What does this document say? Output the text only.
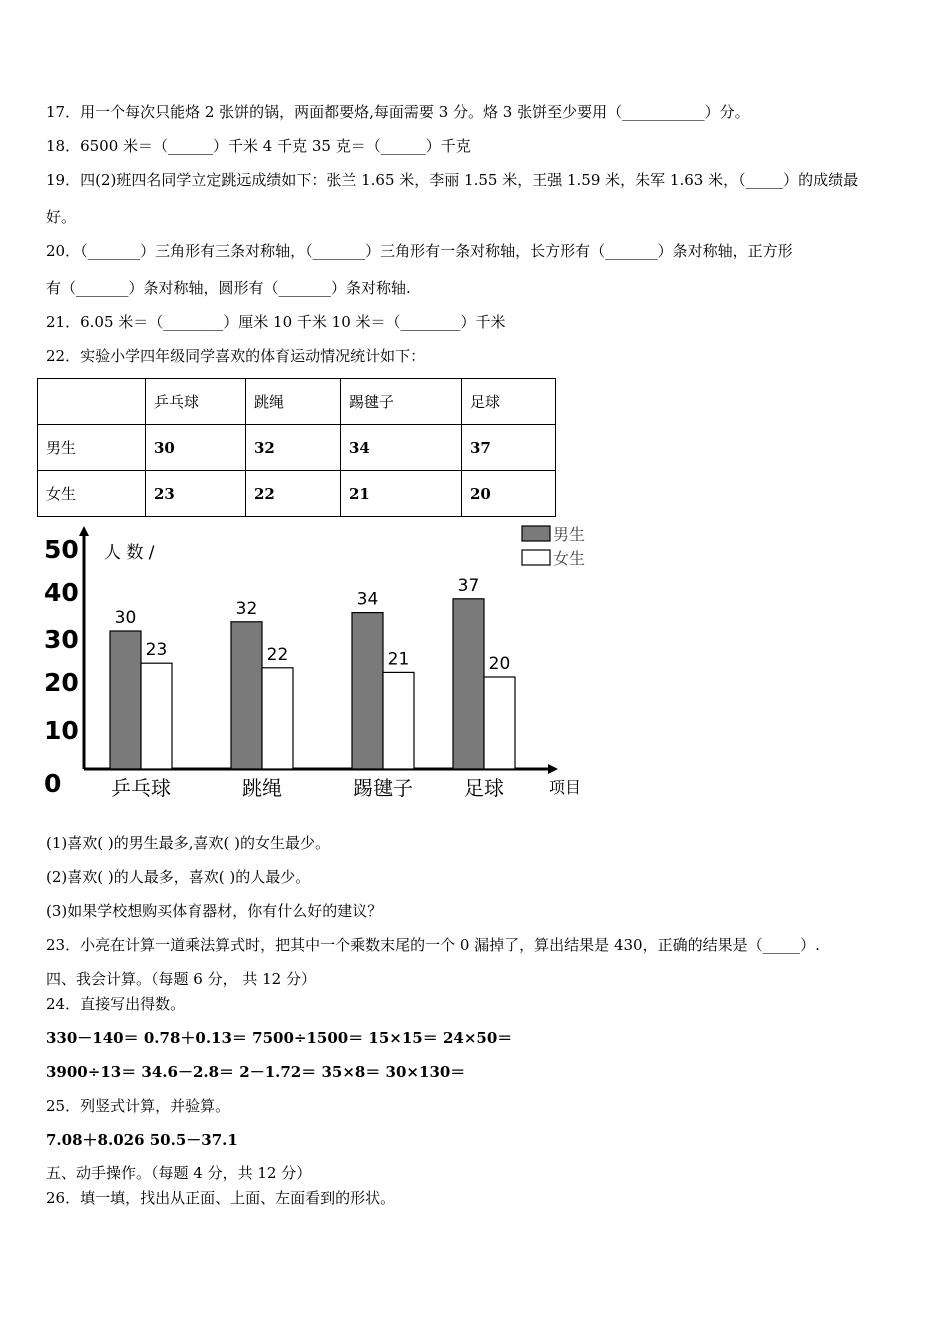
17．用一个每次只能烙 2 张饼的锅，两面都要烙,每面需要 3 分。烙 3 张饼至少要用（___________）分。
18．6500 米＝（______）千米 4 千克 35 克＝（______）千克
19．四(2)班四名同学立定跳远成绩如下：张兰 1.65 米，李丽 1.55 米，王强 1.59 米，朱军 1.63 米，（_____）的成绩最
好。
20．（_______）三角形有三条对称轴，（_______）三角形有一条对称轴，长方形有（_______）条对称轴，正方形
有（_______）条对称轴，圆形有（_______）条对称轴.
21．6.05 米＝（________）厘米 10 千米 10 米＝（________）千米
22．实验小学四年级同学喜欢的体育运动情况统计如下：
	乒乓球	跳绳	踢毽子	足球
男生	30	32	34	37
女生	23	22	21	20
0
10
20
30
40
50 人 数 /
项目
30
23
乒乓球
32
22
跳绳
34
21
踢毽子
37
20
足球
男生
女生
(1)喜欢( )的男生最多,喜欢( )的女生最少。
(2)喜欢( )的人最多，喜欢( )的人最少。
(3)如果学校想购买体育器材，你有什么好的建议？
23．小亮在计算一道乘法算式时，把其中一个乘数末尾的一个 0 漏掉了，算出结果是 430，正确的结果是（_____）.
四、我会计算。（每题 6 分， 共 12 分）
24．直接写出得数。
330－140＝ 0.78＋0.13＝ 7500÷1500＝ 15×15＝ 24×50＝
3900÷13＝ 34.6－2.8＝ 2－1.72＝ 35×8＝ 30×130＝
25．列竖式计算，并验算。
7.08＋8.026 50.5－37.1
五、动手操作。（每题 4 分，共 12 分）
26．填一填，找出从正面、上面、左面看到的形状。
